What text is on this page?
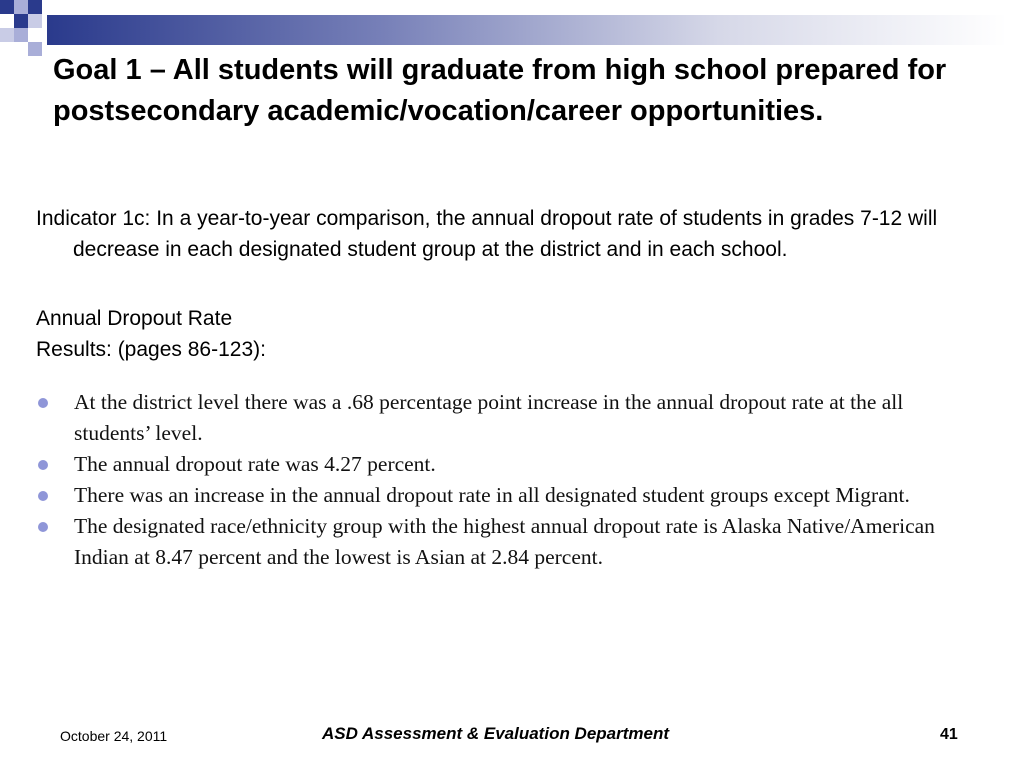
Goal 1 – All students will graduate from high school prepared for postsecondary academic/vocation/career opportunities.

Indicator 1c: In a year-to-year comparison, the annual dropout rate of students in grades 7-12 will decrease in each designated student group at the district and in each school.

Annual Dropout Rate

Results: (pages 86-123):

At the district level there was a .68 percentage point increase in the annual dropout rate at the all students’ level.
The annual dropout rate was 4.27 percent.
There was an increase in the annual dropout rate in all designated student groups except Migrant.
The designated race/ethnicity group with the highest annual dropout rate is Alaska Native/American Indian at 8.47 percent and the lowest is Asian at 2.84 percent.
October 24, 2011	ASD Assessment & Evaluation Department	41
